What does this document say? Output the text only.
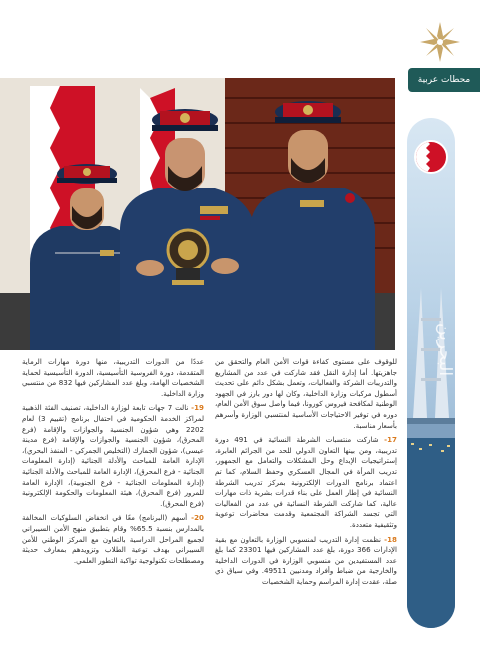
محطات عربية
البحرين

للوقوف على مستوى كفاءة قوات الأمن العام والتحقق من جاهزيتها. أما إدارة النقل فقد شاركت في عدد من المشاريع والتدريبات الشركة والفعاليات، وتعمل بشكل دائم على تحديث أسطول مركبات وزارة الداخلية، وكان لها دور بارز في الجهود الوطنية لمكافحة فيروس كورونا، فيما واصل سوق الأمن العام، دوره في توفير الاحتياجات الأساسية لمنتسبي الوزارة وأسرهم بأسعار مناسبة.

17- شاركت منتسبات الشرطة النسائية في 491 دورة تدريبية، ومن بينها التعاون الدولي للحد من الجرائم العابرة، إستراتيجيات الإبداع وحل المشكلات والتعامل مع الجمهور، تدريب المرأة في المجال العسكري وحفظ السلام، كما تم اعتماد برنامج الدورات الإلكترونية بمركز تدريب الشرطة النسائية في إطار العمل على بناء قدرات بشرية ذات مهارات عالية، كما شاركت الشرطة النسائية في عدد من الفعاليات التي تجسد الشراكة المجتمعية وقدمت محاضرات توعوية وتثقيفية متعددة.

18- نظمت إدارة التدريب لمنسوبي الوزارة بالتعاون مع بقية الإدارات 366 دورة، بلغ عدد المشاركين فيها 23301 كما بلغ عدد المستفيدين من منسوبي الوزارة في الدورات الداخلية والخارجية من ضباط وأفراد ومدنيين 49511. وفي سياق ذي صلة، عقدت إدارة المراسم وحماية الشخصيات

عددًا من الدورات التدريبية، منها دورة مهارات الرماية المتقدمة، دورة الفروسية التأسيسية، الدورة التأسيسية لحماية الشخصيات الهامة، وبلغ عدد المشاركين فيها 832 من منتسبي وزارة الداخلية.

19- نالت 7 جهات تابعة لوزارة الداخلية، تصنيف الفئة الذهبية لمراكز الخدمة الحكومية في احتفال برنامج (تقييم 3) لعام 2202 وهي شؤون الجنسية والجوازات والإقامة (فرع المحرق)، شؤون الجنسية والجوازات والإقامة (فرع مدينة عيسى)، شؤون الجمارك (التخليص الجمركي - المنفذ البحري)، الإدارة العامة للمباحث والأدلة الجنائية (إدارة المعلومات الجنائية - فرع المحرق)، الإدارة العامة للمباحث والأدلة الجنائية (إدارة المعلومات الجنائية - فرع الجنوبية)، الإدارة العامة للمرور (فرع المحرق)، هيئة المعلومات والحكومة الإلكترونية (فرع المحرق).

20- أسهم (البرنامج) معًا في انخفاض السلوكيات المخالفة بالمدارس بنسبة 65.5% وقام بتطبيق منهج الأمن السيبراني لجميع المراحل الدراسية بالتعاون مع المركز الوطني للأمن السيبراني بهدف توعية الطلاب وتزويدهم بمعارف حديثة ومصطلحات تكنولوجية تواكبة التطور العلمي.
